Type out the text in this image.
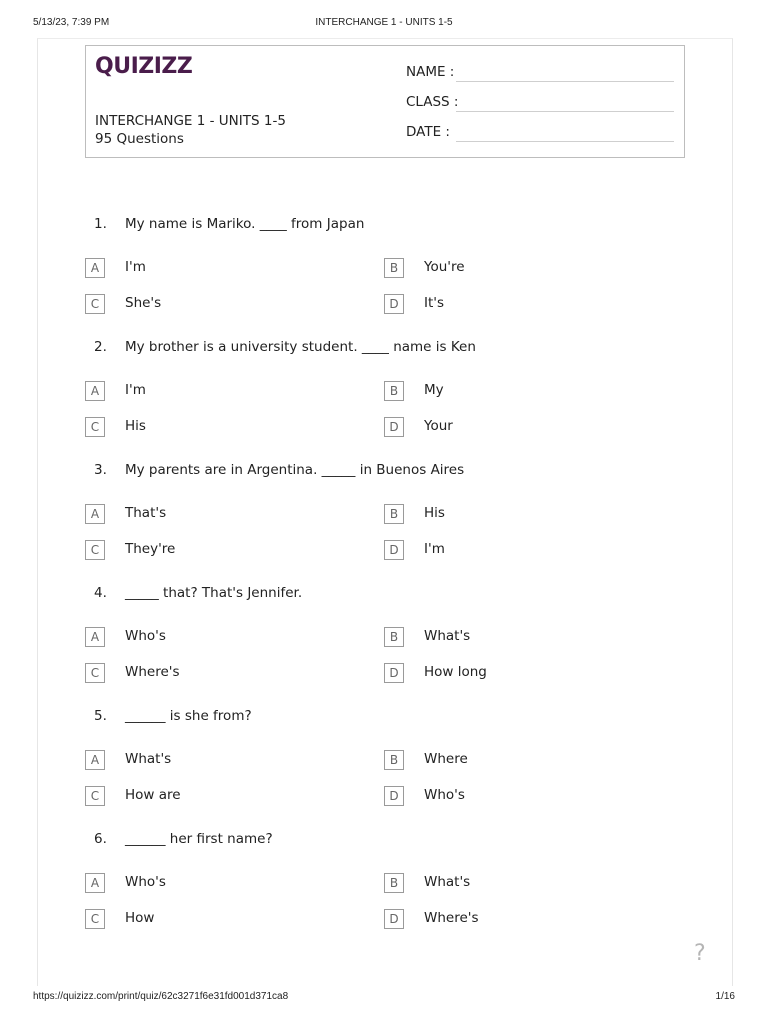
5/13/23, 7:39 PM	INTERCHANGE 1 - UNITS 1-5
QUIZIZZ
INTERCHANGE 1 - UNITS 1-5
95 Questions
NAME :
CLASS :
DATE :
1. My name is Mariko. ____ from Japan
A	I'm	B	You're
C	She's	D	It's
2. My brother is a university student. ____ name is Ken
A	I'm	B	My
C	His	D	Your
3. My parents are in Argentina. _____ in Buenos Aires
A	That's	B	His
C	They're	D	I'm
4. _____ that? That's Jennifer.
A	Who's	B	What's
C	Where's	D	How long
5. ______ is she from?
A	What's	B	Where
C	How are	D	Who's
6. ______ her first name?
A	Who's	B	What's
C	How	D	Where's
?
https://quizizz.com/print/quiz/62c3271f6e31fd001d371ca8	1/16
